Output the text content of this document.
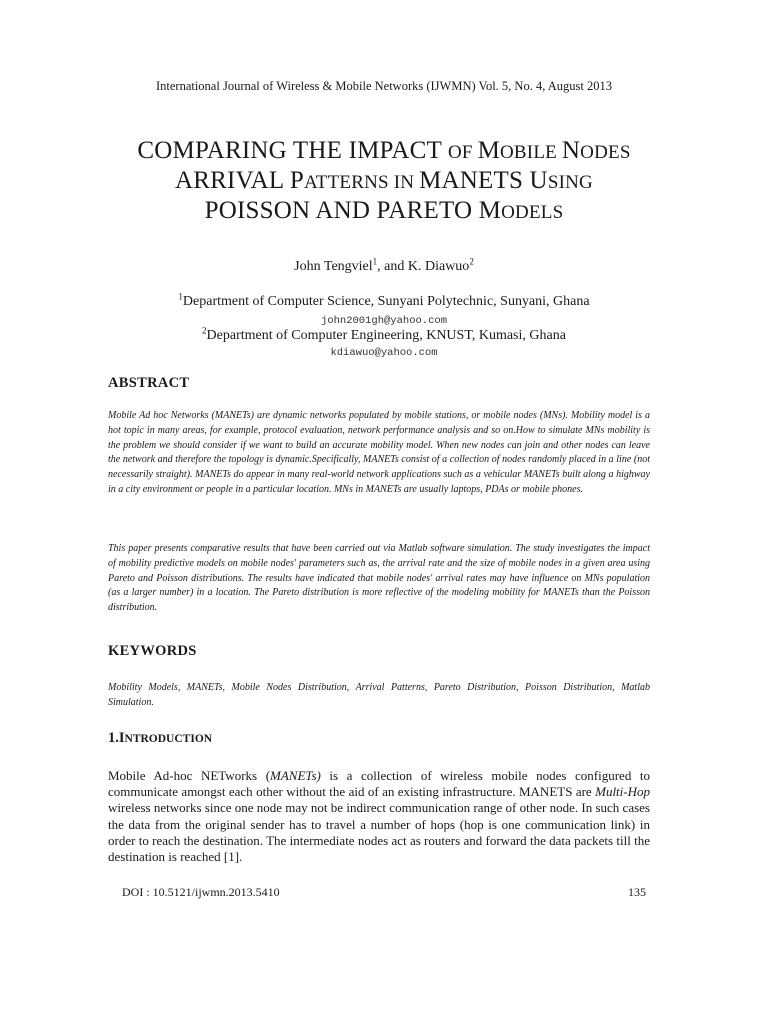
International Journal of Wireless & Mobile Networks (IJWMN) Vol. 5, No. 4, August 2013
COMPARING THE IMPACT OF MOBILE NODES
ARRIVAL PATTERNS IN MANETS USING
POISSON AND PARETO MODELS
John Tengviel$^1$, and K. Diawuo$^2$
$^1$Department of Computer Science, Sunyani Polytechnic, Sunyani, Ghana
john2001gh@yahoo.com
$^2$Department of Computer Engineering, KNUST, Kumasi, Ghana
kdiawuo@yahoo.com
ABSTRACT
Mobile Ad hoc Networks (MANETs) are dynamic networks populated by mobile stations, or mobile nodes (MNs). Mobility model is a hot topic in many areas, for example, protocol evaluation, network performance analysis and so on.How to simulate MNs mobility is the problem we should consider if we want to build an accurate mobility model. When new nodes can join and other nodes can leave the network and therefore the topology is dynamic.Specifically, MANETs consist of a collection of nodes randomly placed in a line (not necessarily straight). MANETs do appear in many real-world network applications such as a vehicular MANETs built along a highway in a city environment or people in a particular location. MNs in MANETs are usually laptops, PDAs or mobile phones.
This paper presents comparative results that have been carried out via Matlab software simulation. The study investigates the impact of mobility predictive models on mobile nodes' parameters such as, the arrival rate and the size of mobile nodes in a given area using Pareto and Poisson distributions. The results have indicated that mobile nodes' arrival rates may have influence on MNs population (as a larger number) in a location. The Pareto distribution is more reflective of the modeling mobility for MANETs than the Poisson distribution.
KEYWORDS
Mobility Models, MANETs, Mobile Nodes Distribution, Arrival Patterns, Pareto Distribution, Poisson Distribution, Matlab Simulation.
1.INTRODUCTION
Mobile Ad-hoc NETworks (MANETs) is a collection of wireless mobile nodes configured to communicate amongst each other without the aid of an existing infrastructure. MANETS are Multi-Hop wireless networks since one node may not be indirect communication range of other node. In such cases the data from the original sender has to travel a number of hops (hop is one communication link) in order to reach the destination. The intermediate nodes act as routers and forward the data packets till the destination is reached [1].
DOI : 10.5121/ijwmn.2013.5410	135
